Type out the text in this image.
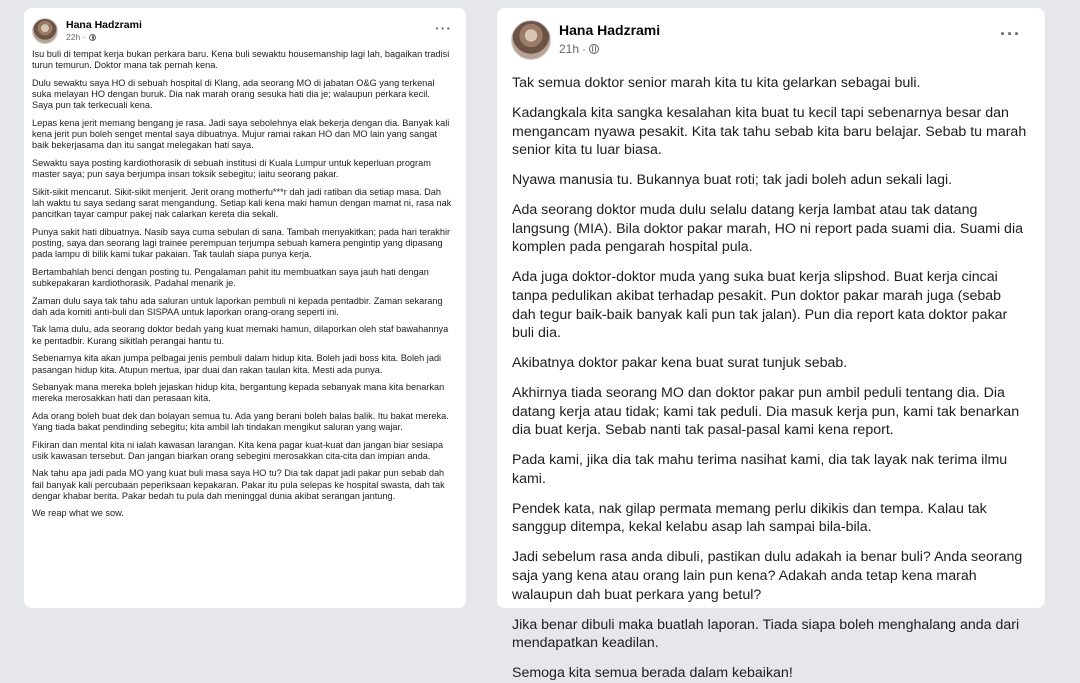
Hana Hadzrami
22h ·
···

Isu buli di tempat kerja bukan perkara baru. Kena buli sewaktu housemanship lagi lah, bagaikan tradisi turun temurun. Doktor mana tak pernah kena.

Dulu sewaktu saya HO di sebuah hospital di Klang, ada seorang MO di jabatan O&G yang terkenal suka melayan HO dengan buruk. Dia nak marah orang sesuka hati dia je; walaupun perkara kecil. Saya pun tak terkecuali kena.

Lepas kena jerit memang bengang je rasa. Jadi saya sebolehnya elak bekerja dengan dia. Banyak kali kena jerit pun boleh senget mental saya dibuatnya. Mujur ramai rakan HO dan MO lain yang sangat baik bekerjasama dan itu sangat melegakan hati saya.

Sewaktu saya posting kardiothorasik di sebuah institusi di Kuala Lumpur untuk keperluan program master saya; pun saya berjumpa insan toksik sebegitu; iaitu seorang pakar.

Sikit-sikit mencarut. Sikit-sikit menjerit. Jerit orang motherfu***r dah jadi ratiban dia setiap masa. Dah lah waktu tu saya sedang sarat mengandung. Setiap kali kena maki hamun dengan mamat ni, rasa nak pancitkan tayar campur pakej nak calarkan kereta dia sekali.

Punya sakit hati dibuatnya. Nasib saya cuma sebulan di sana. Tambah menyakitkan; pada hari terakhir posting, saya dan seorang lagi trainee perempuan terjumpa sebuah kamera pengintip yang dipasang pada lampu di bilik kami tukar pakaian. Tak taulah siapa punya kerja.

Bertambahlah benci dengan posting tu. Pengalaman pahit itu membuatkan saya jauh hati dengan subkepakaran kardiothorasik. Padahal menarik je.

Zaman dulu saya tak tahu ada saluran untuk laporkan pembuli ni kepada pentadbir. Zaman sekarang dah ada komiti anti-buli dan SISPAA untuk laporkan orang-orang seperti ini.

Tak lama dulu, ada seorang doktor bedah yang kuat memaki hamun, dilaporkan oleh staf bawahannya ke pentadbir. Kurang sikitlah perangai hantu tu.

Sebenarnya kita akan jumpa pelbagai jenis pembuli dalam hidup kita. Boleh jadi boss kita. Boleh jadi pasangan hidup kita. Atupun mertua, ipar duai dan rakan taulan kita. Mesti ada punya.

Sebanyak mana mereka boleh jejaskan hidup kita, bergantung kepada sebanyak mana kita benarkan mereka merosakkan hati dan perasaan kita.

Ada orang boleh buat dek dan bolayan semua tu. Ada yang berani boleh balas balik. Itu bakat mereka. Yang tiada bakat pendinding sebegitu; kita ambil lah tindakan mengikut saluran yang wajar.

Fikiran dan mental kita ni ialah kawasan larangan. Kita kena pagar kuat-kuat dan jangan biar sesiapa usik kawasan tersebut. Dan jangan biarkan orang sebegini merosakkan cita-cita dan impian anda.

Nak tahu apa jadi pada MO yang kuat buli masa saya HO tu? Dia tak dapat jadi pakar pun sebab dah fail banyak kali percubaan peperiksaan kepakaran. Pakar itu pula selepas ke hospital swasta, dah tak dengar khabar berita. Pakar bedah tu pula dah meninggal dunia akibat serangan jantung.

We reap what we sow.

Hana Hadzrami
21h ·
···

Tak semua doktor senior marah kita tu kita gelarkan sebagai buli.

Kadangkala kita sangka kesalahan kita buat tu kecil tapi sebenarnya besar dan mengancam nyawa pesakit. Kita tak tahu sebab kita baru belajar. Sebab tu marah senior kita tu luar biasa.

Nyawa manusia tu. Bukannya buat roti; tak jadi boleh adun sekali lagi.

Ada seorang doktor muda dulu selalu datang kerja lambat atau tak datang langsung (MIA). Bila doktor pakar marah, HO ni report pada suami dia. Suami dia komplen pada pengarah hospital pula.

Ada juga doktor-doktor muda yang suka buat kerja slipshod. Buat kerja cincai tanpa pedulikan akibat terhadap pesakit. Pun doktor pakar marah juga (sebab dah tegur baik-baik banyak kali pun tak jalan). Pun dia report kata doktor pakar buli dia.

Akibatnya doktor pakar kena buat surat tunjuk sebab.

Akhirnya tiada seorang MO dan doktor pakar pun ambil peduli tentang dia. Dia datang kerja atau tidak; kami tak peduli. Dia masuk kerja pun, kami tak benarkan dia buat kerja. Sebab nanti tak pasal-pasal kami kena report.

Pada kami, jika dia tak mahu terima nasihat kami, dia tak layak nak terima ilmu kami.

Pendek kata, nak gilap permata memang perlu dikikis dan tempa. Kalau tak sanggup ditempa, kekal kelabu asap lah sampai bila-bila.

Jadi sebelum rasa anda dibuli, pastikan dulu adakah ia benar buli? Anda seorang saja yang kena atau orang lain pun kena? Adakah anda tetap kena marah walaupun dah buat perkara yang betul?

Jika benar dibuli maka buatlah laporan. Tiada siapa boleh menghalang anda dari mendapatkan keadilan.

Semoga kita semua berada dalam kebaikan!
